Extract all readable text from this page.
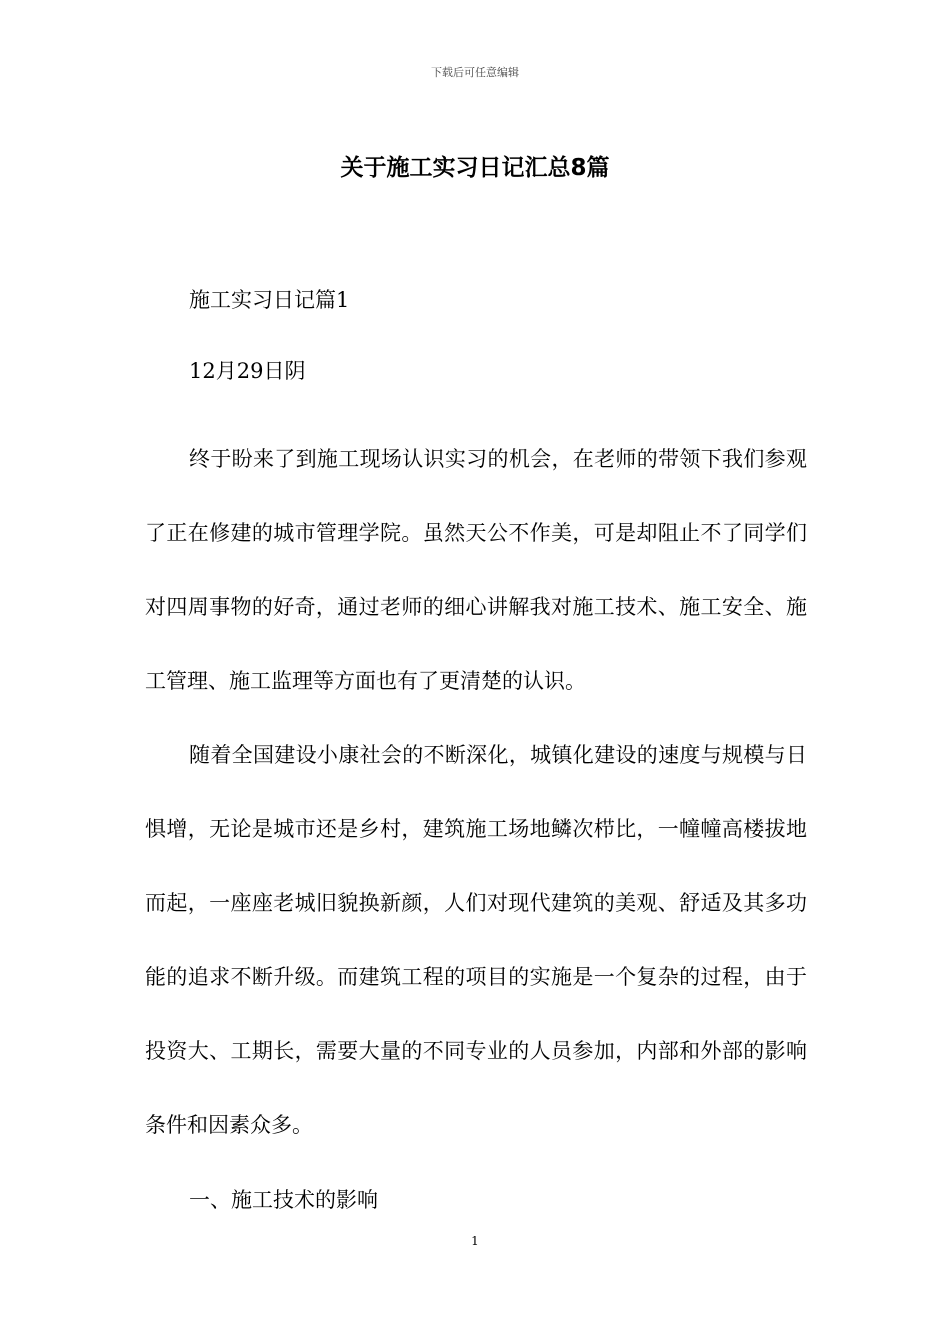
下载后可任意编辑
关于施工实习日记汇总8篇

施工实习日记篇1

12月29日阴

终于盼来了到施工现场认识实习的机会，在老师的带领下我们参观了正在修建的城市管理学院。虽然天公不作美，可是却阻止不了同学们对四周事物的好奇，通过老师的细心讲解我对施工技术、施工安全、施工管理、施工监理等方面也有了更清楚的认识。

随着全国建设小康社会的不断深化，城镇化建设的速度与规模与日惧增，无论是城市还是乡村，建筑施工场地鳞次栉比，一幢幢高楼拔地而起，一座座老城旧貌换新颜，人们对现代建筑的美观、舒适及其多功能的追求不断升级。而建筑工程的项目的实施是一个复杂的过程，由于投资大、工期长，需要大量的不同专业的人员参加，内部和外部的影响条件和因素众多。

一、施工技术的影响

1
